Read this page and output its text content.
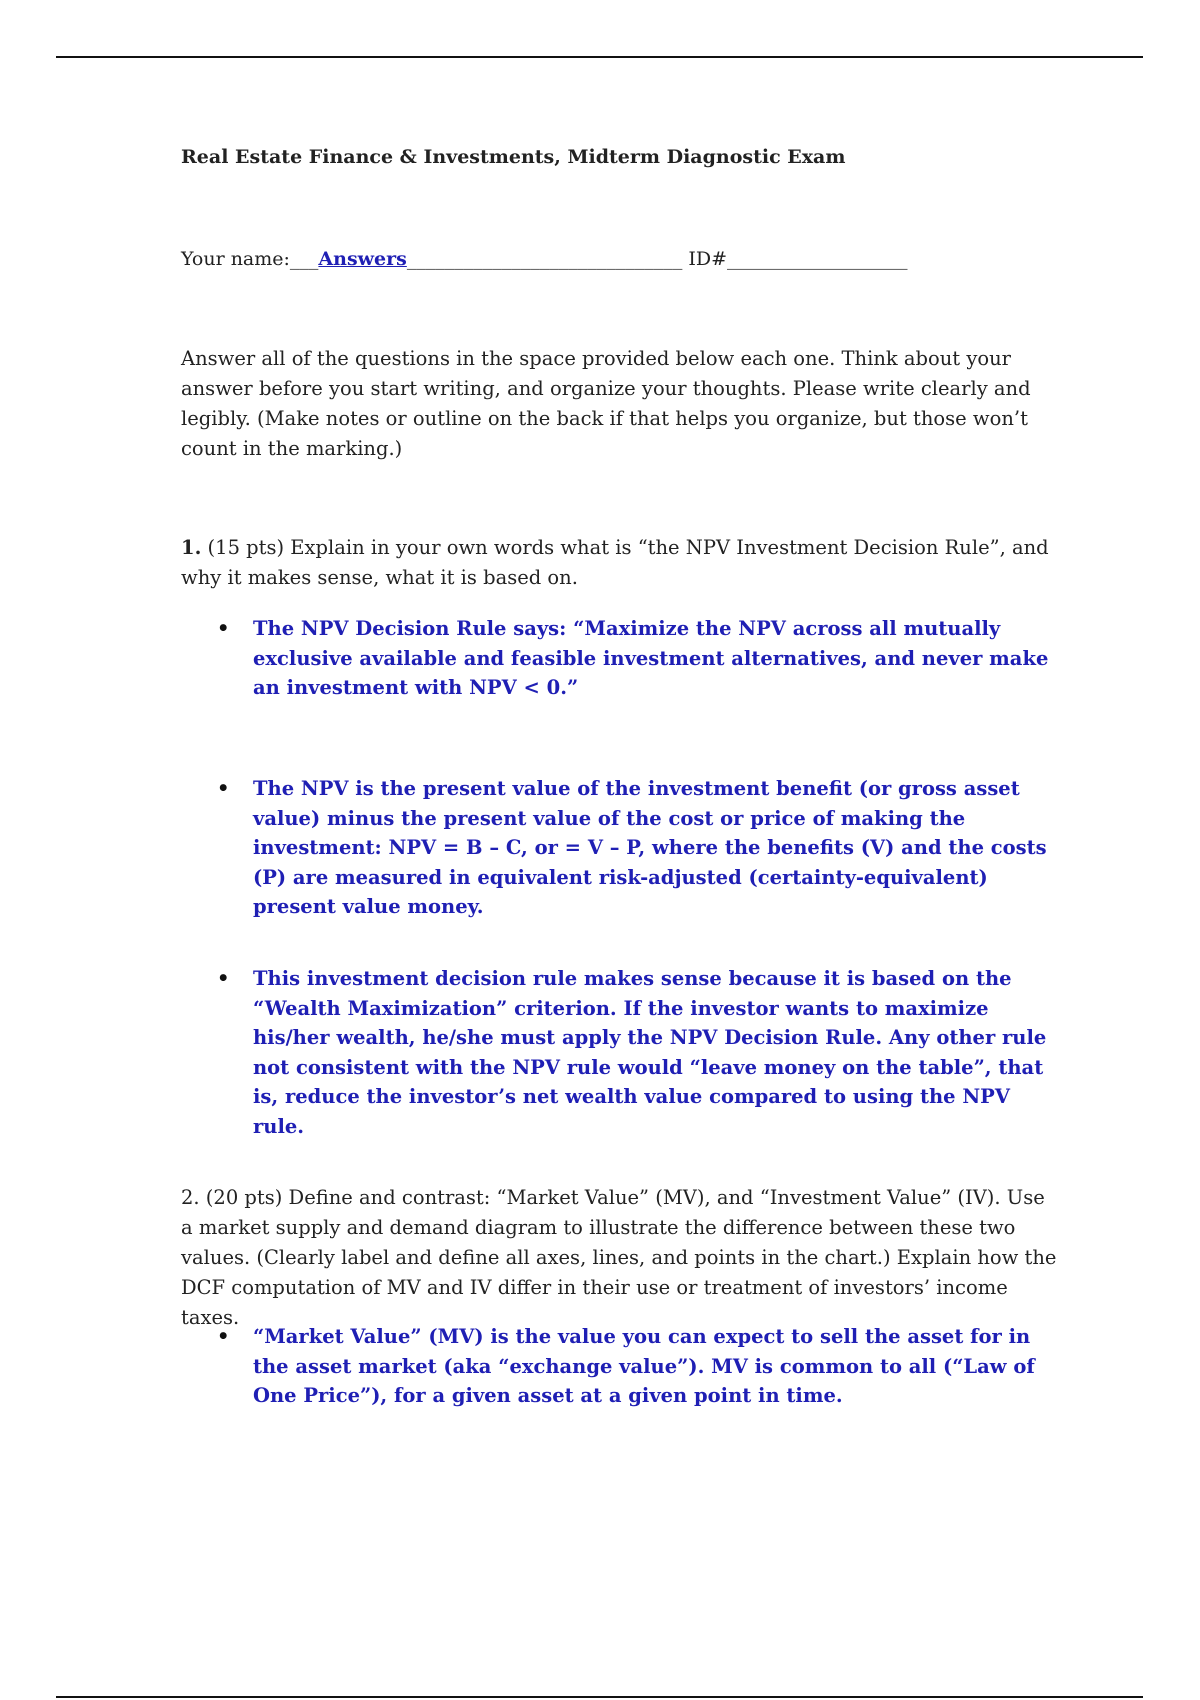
Real Estate Finance & Investments, Midterm Diagnostic Exam
Your name:___Answers_____________________________ ID#___________________
Answer all of the questions in the space provided below each one. Think about your answer before you start writing, and organize your thoughts. Please write clearly and legibly. (Make notes or outline on the back if that helps you organize, but those won’t count in the marking.)
1. (15 pts) Explain in your own words what is “the NPV Investment Decision Rule”, and why it makes sense, what it is based on.
• The NPV Decision Rule says: “Maximize the NPV across all mutually exclusive available and feasible investment alternatives, and never make an investment with NPV < 0.”
• The NPV is the present value of the investment benefit (or gross asset value) minus the present value of the cost or price of making the investment: NPV = B – C, or = V – P, where the benefits (V) and the costs (P) are measured in equivalent risk-adjusted (certainty-equivalent) present value money.
• This investment decision rule makes sense because it is based on the “Wealth Maximization” criterion. If the investor wants to maximize his/her wealth, he/she must apply the NPV Decision Rule. Any other rule not consistent with the NPV rule would “leave money on the table”, that is, reduce the investor’s net wealth value compared to using the NPV rule.
2. (20 pts) Define and contrast: “Market Value” (MV), and “Investment Value” (IV). Use a market supply and demand diagram to illustrate the difference between these two values. (Clearly label and define all axes, lines, and points in the chart.) Explain how the DCF computation of MV and IV differ in their use or treatment of investors’ income taxes.
• “Market Value” (MV) is the value you can expect to sell the asset for in the asset market (aka “exchange value”). MV is common to all (“Law of One Price”), for a given asset at a given point in time.
